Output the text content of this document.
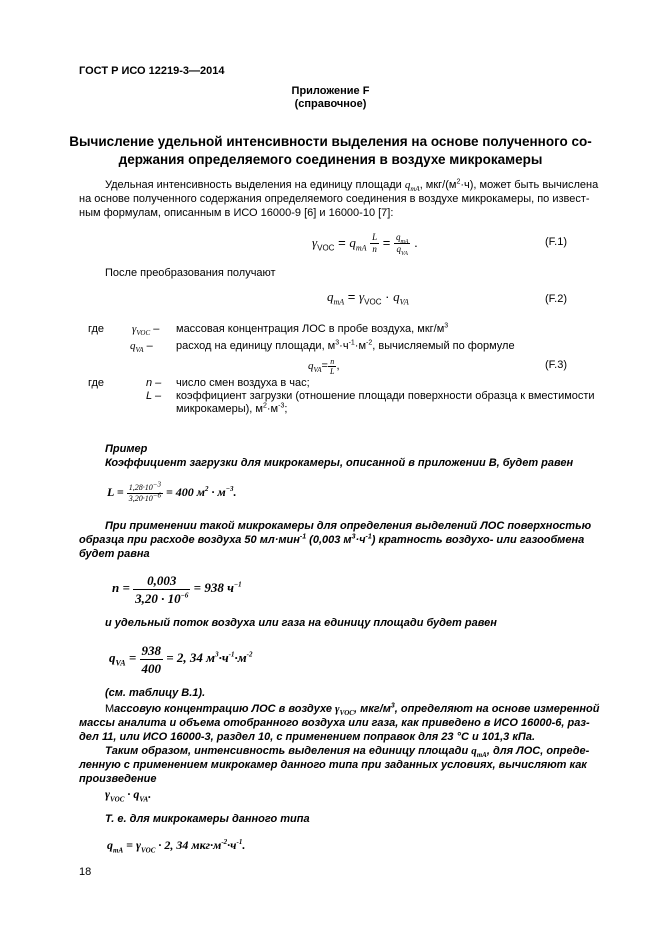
ГОСТ Р ИСО 12219-3—2014
Приложение F
(справочное)
Вычисление удельной интенсивности выделения на основе полученного со-
держания определяемого соединения в воздухе микрокамеры
Удельная интенсивность выделения на единицу площади $q_{mA}$, мкг/$(м^2\cdot ч)$, может быть вычислена
на основе полученного содержания определяемого соединения в воздухе микрокамеры, по извест-
ным формулам, описанным в ИСО 16000-9 [6] и 16000-10 [7]:
$\gamma_{VOC} = q_{mA} \frac{L}{n} = \frac{q_{mA}}{q_{VA}}$ .	(F.1)
После преобразования получают
$q_{mA} = \gamma_{VOC} \cdot q_{VA}$	(F.2)
где	$\gamma_{VOC}$ – массовая концентрация ЛОС в пробе воздуха, мкг/$м^3$
$q_{VA}$ – расход на единицу площади, $м^3\cdot ч^{-1}\cdot м^{-2}$, вычисляемый по формуле
$q_{VA}= \frac{n}{L}$ ,	(F.3)
где	n – число смен воздуха в час;
L – коэффициент загрузки (отношение площади поверхности образца к вместимости
микрокамеры), $м^2\cdot м^{-3}$;
Пример
Коэффициент загрузки для микрокамеры, описанной в приложении В, будет равен
$L = \frac{1,28\cdot 10^{-3}}{3,20\cdot 10^{-6}} = 400$ $м^2 \cdot м^{-3}$.
При применении такой микрокамеры для определения выделений ЛОС поверхностью
образца при расходе воздуха 50 мл·мин$^{-1}$ (0,003 $м^3\cdot ч^{-1}$) кратность воздухо- или газообмена
будет равна
$n = \frac{0,003}{3,20 \cdot 10^{-6}} = 938$ $ч^{-1}$
и удельный поток воздуха или газа на единицу площади будет равен
$q_{VA} = \frac{938}{400} = 2$, 34 $м^3\cdot ч^{-1}\cdot м^{-2}$
(см. таблицу В.1).
Массовую концентрацию ЛОС в воздухе $\gamma_{VOC}$, мкг/$м^3$, определяют на основе измеренной
массы аналита и объема отобранного воздуха или газа, как приведено в ИСО 16000-6, раз-
дел 11, или ИСО 16000-3, раздел 10, с применением поправок для 23 °С и 101,3 кПа.
Таким образом, интенсивность выделения на единицу площади $q_{mA}$, для ЛОС, опреде-
ленную с применением микрокамер данного типа при заданных условиях, вычисляют как
произведение
$\gamma_{VOC} \cdot q_{VA}$.
Т. е. для микрокамеры данного типа
$q_{mA} = \gamma_{VOC} \cdot 2$, 34 $мкг\cdot м^{-2}\cdot ч^{-1}$.
18
